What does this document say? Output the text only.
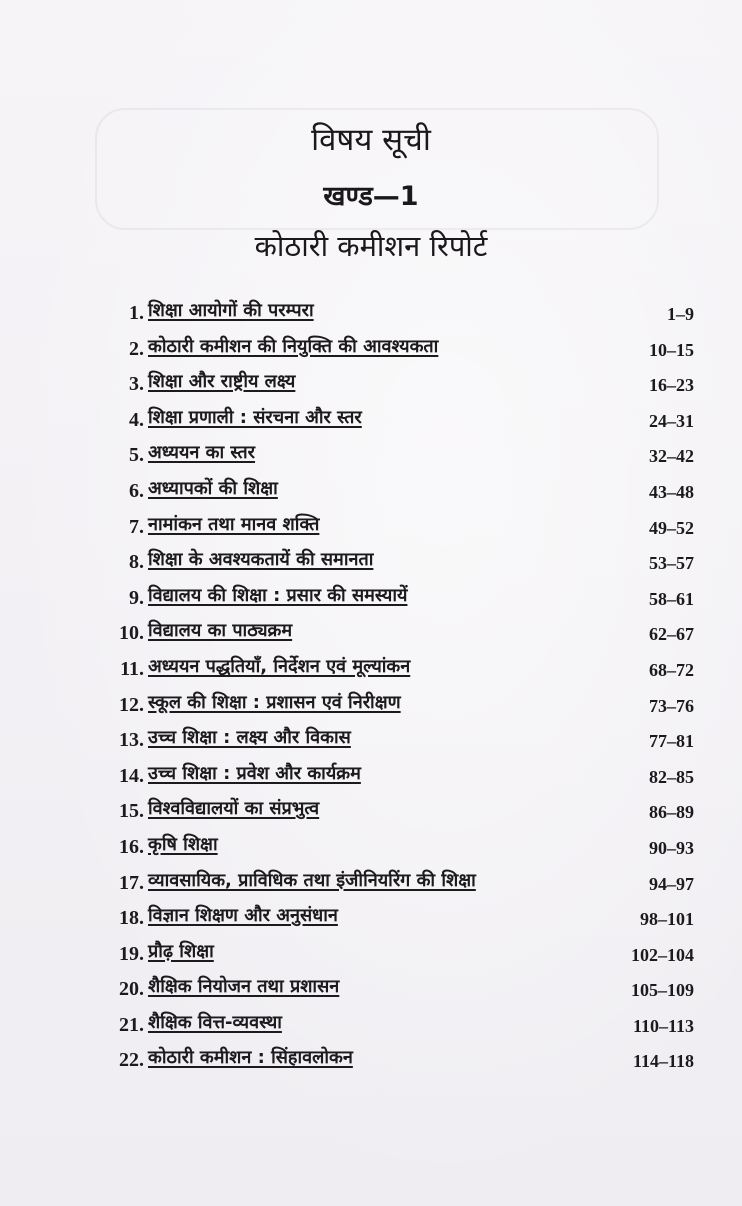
विषय सूची
खण्ड—1
कोठारी कमीशन रिपोर्ट
1. शिक्षा आयोगों की परम्परा	1–9
2. कोठारी कमीशन की नियुक्ति की आवश्यकता	10–15
3. शिक्षा और राष्ट्रीय लक्ष्य	16–23
4. शिक्षा प्रणाली : संरचना और स्तर	24–31
5. अध्ययन का स्तर	32–42
6. अध्यापकों की शिक्षा	43–48
7. नामांकन तथा मानव शक्ति	49–52
8. शिक्षा के अवश्यकतायें की समानता	53–57
9. विद्यालय की शिक्षा : प्रसार की समस्यायें	58–61
10. विद्यालय का पाठ्यक्रम	62–67
11. अध्ययन पद्धतियाँ, निर्देशन एवं मूल्यांकन	68–72
12. स्कूल की शिक्षा : प्रशासन एवं निरीक्षण	73–76
13. उच्च शिक्षा : लक्ष्य और विकास	77–81
14. उच्च शिक्षा : प्रवेश और कार्यक्रम	82–85
15. विश्वविद्यालयों का संप्रभुत्व	86–89
16. कृषि शिक्षा	90–93
17. व्यावसायिक, प्राविधिक तथा इंजीनियरिंग की शिक्षा	94–97
18. विज्ञान शिक्षण और अनुसंधान	98–101
19. प्रौढ़ शिक्षा	102–104
20. शैक्षिक नियोजन तथा प्रशासन	105–109
21. शैक्षिक वित्त-व्यवस्था	110–113
22. कोठारी कमीशन : सिंहावलोकन	114–118
